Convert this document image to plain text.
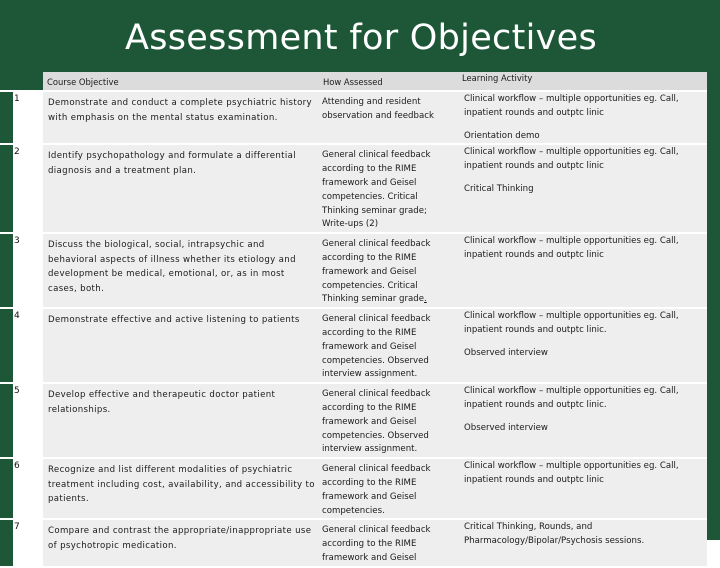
Assessment for Objectives
	Course Objective	How Assessed	Learning Activity
1	Demonstrate and conduct a complete psychiatric history with emphasis on the mental status examination.	Attending and resident observation and feedback	Clinical workflow – multiple opportunities eg. Call, inpatient rounds and outptc linic

Orientation demo

2	Identify psychopathology and formulate a differential diagnosis and a treatment plan.	General clinical feedback according to the RIME framework and Geisel competencies. Critical Thinking seminar grade; Write-ups (2)	Clinical workflow – multiple opportunities eg. Call, inpatient rounds and outptc linic

Critical Thinking

3	Discuss the biological, social, intrapsychic and behavioral aspects of illness whether its etiology and development be medical, emotional, or, as in most cases, both.	General clinical feedback according to the RIME framework and Geisel competencies. Critical Thinking seminar grade.	Clinical workflow – multiple opportunities eg. Call, inpatient rounds and outptc linic

4	Demonstrate effective and active listening to patients	General clinical feedback according to the RIME framework and Geisel competencies. Observed interview assignment.	Clinical workflow – multiple opportunities eg. Call, inpatient rounds and outptc linic.

Observed interview

5	Develop effective and therapeutic doctor patient relationships.	General clinical feedback according to the RIME framework and Geisel competencies. Observed interview assignment.	Clinical workflow – multiple opportunities eg. Call, inpatient rounds and outptc linic.

Observed interview

6	Recognize and list different modalities of psychiatric treatment including cost, availability, and accessibility to patients.	General clinical feedback according to the RIME framework and Geisel competencies.	Clinical workflow – multiple opportunities eg. Call, inpatient rounds and outptc linic

7	Compare and contrast the appropriate/inappropriate use of psychotropic medication.	General clinical feedback according to the RIME framework and Geisel	Critical Thinking, Rounds, and Pharmacology/Bipolar/Psychosis sessions.
